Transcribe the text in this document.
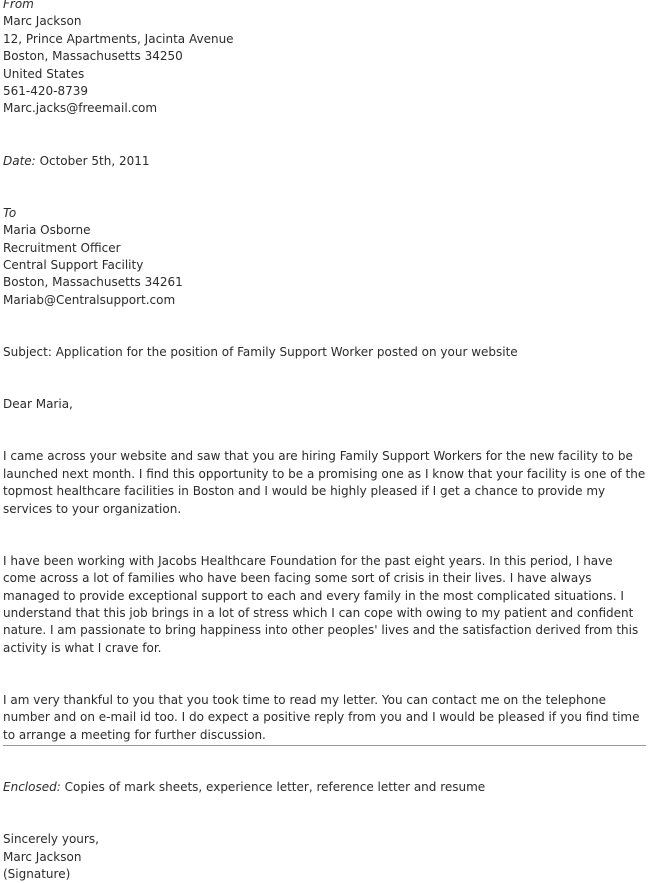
From
Marc Jackson
12, Prince Apartments, Jacinta Avenue
Boston, Massachusetts 34250
United States
561-420-8739
Marc.jacks@freemail.com
Date: October 5th, 2011
To
Maria Osborne
Recruitment Officer
Central Support Facility
Boston, Massachusetts 34261
Mariab@Centralsupport.com
Subject: Application for the position of Family Support Worker posted on your website
Dear Maria,

I came across your website and saw that you are hiring Family Support Workers for the new facility to be launched next month. I find this opportunity to be a promising one as I know that your facility is one of the topmost healthcare facilities in Boston and I would be highly pleased if I get a chance to provide my services to your organization.

I have been working with Jacobs Healthcare Foundation for the past eight years. In this period, I have come across a lot of families who have been facing some sort of crisis in their lives. I have always managed to provide exceptional support to each and every family in the most complicated situations. I understand that this job brings in a lot of stress which I can cope with owing to my patient and confident nature. I am passionate to bring happiness into other peoples' lives and the satisfaction derived from this activity is what I crave for.

I am very thankful to you that you took time to read my letter. You can contact me on the telephone number and on e-mail id too. I do expect a positive reply from you and I would be pleased if you find time to arrange a meeting for further discussion.

Enclosed: Copies of mark sheets, experience letter, reference letter and resume
Sincerely yours,
Marc Jackson
(Signature)
